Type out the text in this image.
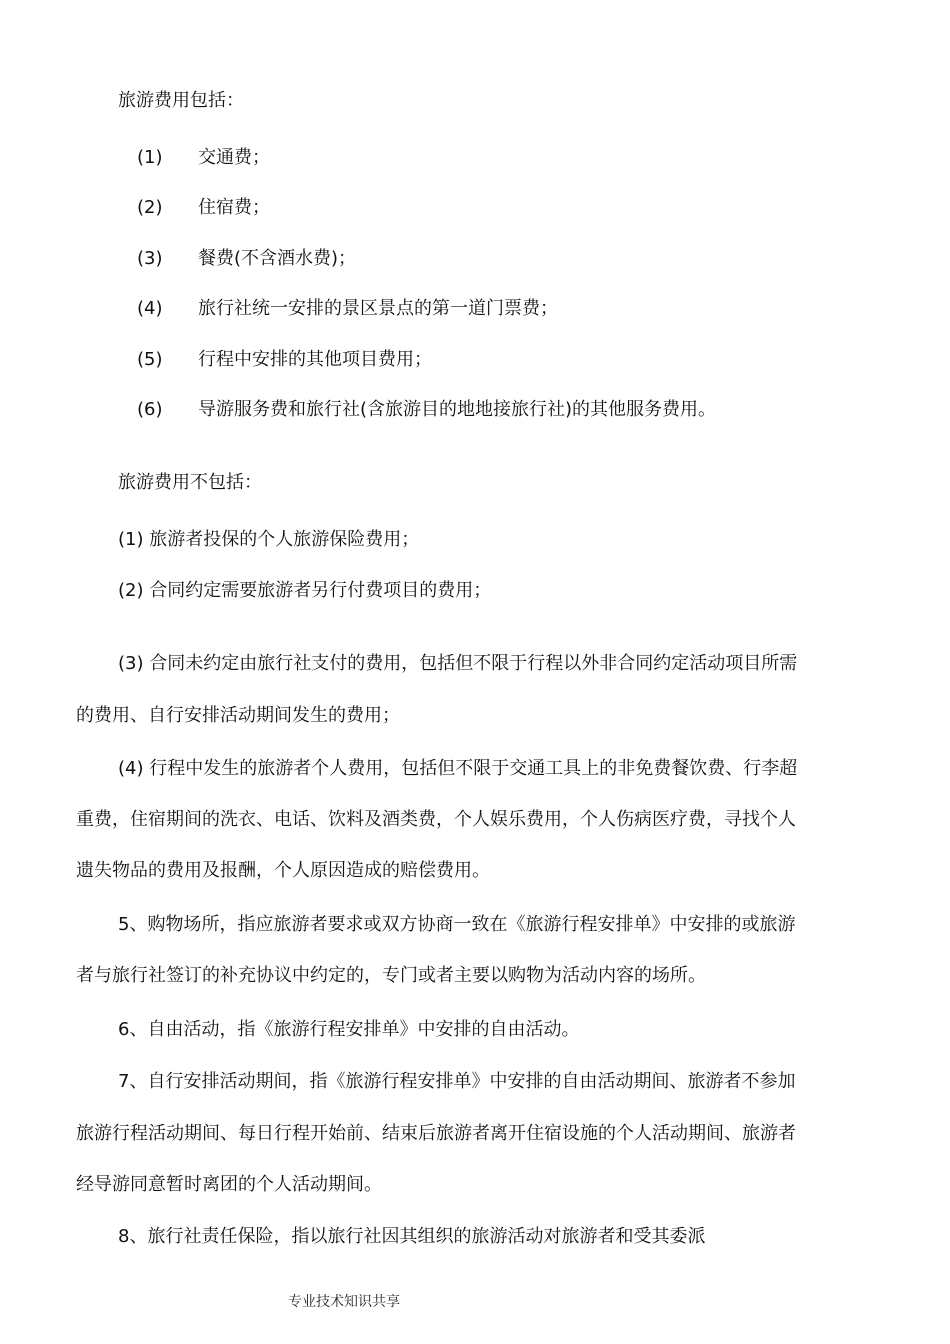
旅游费用包括：
(1) 交通费；
(2) 住宿费；
(3) 餐费(不含酒水费)；
(4) 旅行社统一安排的景区景点的第一道门票费；
(5) 行程中安排的其他项目费用；
(6) 导游服务费和旅行社(含旅游目的地地接旅行社)的其他服务费用。
旅游费用不包括：
(1) 旅游者投保的个人旅游保险费用；
(2) 合同约定需要旅游者另行付费项目的费用；
(3) 合同未约定由旅行社支付的费用，包括但不限于行程以外非合同约定活动项目所需
的费用、自行安排活动期间发生的费用；
(4) 行程中发生的旅游者个人费用，包括但不限于交通工具上的非免费餐饮费、行李超
重费，住宿期间的洗衣、电话、饮料及酒类费，个人娱乐费用，个人伤病医疗费，寻找个人
遗失物品的费用及报酬，个人原因造成的赔偿费用。
5、购物场所，指应旅游者要求或双方协商一致在《旅游行程安排单》中安排的或旅游
者与旅行社签订的补充协议中约定的，专门或者主要以购物为活动内容的场所。
6、自由活动，指《旅游行程安排单》中安排的自由活动。
7、自行安排活动期间，指《旅游行程安排单》中安排的自由活动期间、旅游者不参加
旅游行程活动期间、每日行程开始前、结束后旅游者离开住宿设施的个人活动期间、旅游者
经导游同意暂时离团的个人活动期间。
8、旅行社责任保险，指以旅行社因其组织的旅游活动对旅游者和受其委派
专业技术知识共享
